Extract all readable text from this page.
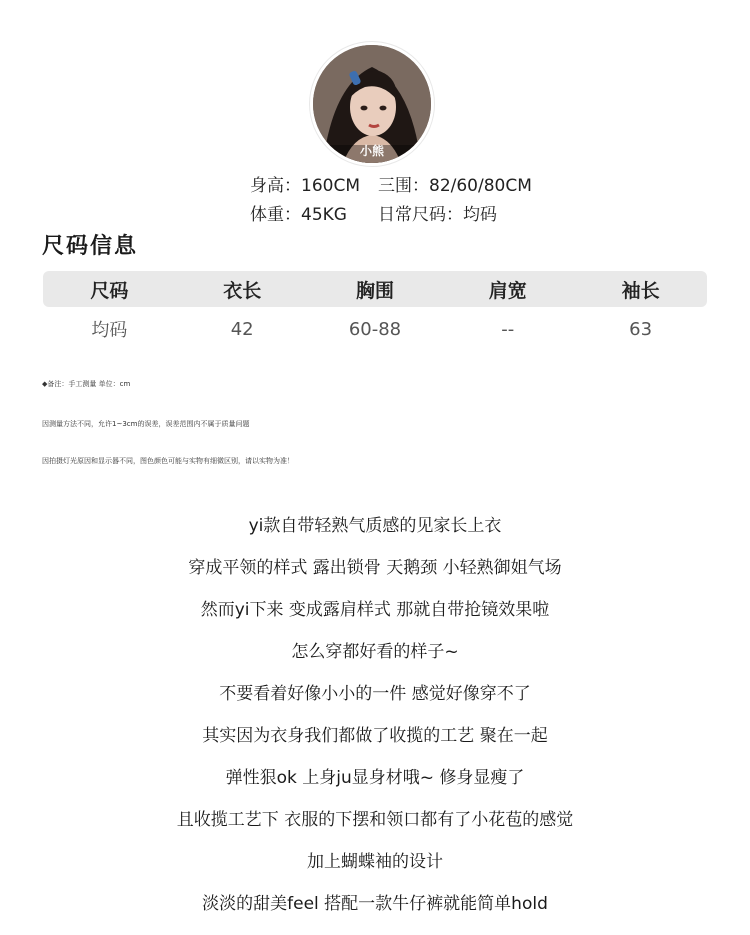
小熊
身高：160CM 三围：82/60/80CM
体重：45KG 日常尺码：均码
尺码信息
尺码	衣长	胸围	肩宽	袖长
均码	42	60-88	--	63
◆备注：手工测量 单位：cm
因测量方法不同，允许1~3cm的误差，误差范围内不属于质量问题
因拍摄灯光原因和显示器不同，图色颜色可能与实物有细微区别，请以实物为准！
yi款自带轻熟气质感的见家长上衣
穿成平领的样式 露出锁骨 天鹅颈 小轻熟御姐气场
然而yi下来 变成露肩样式 那就自带抢镜效果啦
怎么穿都好看的样子~
不要看着好像小小的一件 感觉好像穿不了
其实因为衣身我们都做了收揽的工艺 聚在一起
弹性狠ok 上身ju显身材哦~ 修身显瘦了
且收揽工艺下 衣服的下摆和领口都有了小花苞的感觉
加上蝴蝶袖的设计
淡淡的甜美feel 搭配一款牛仔裤就能简单hold
